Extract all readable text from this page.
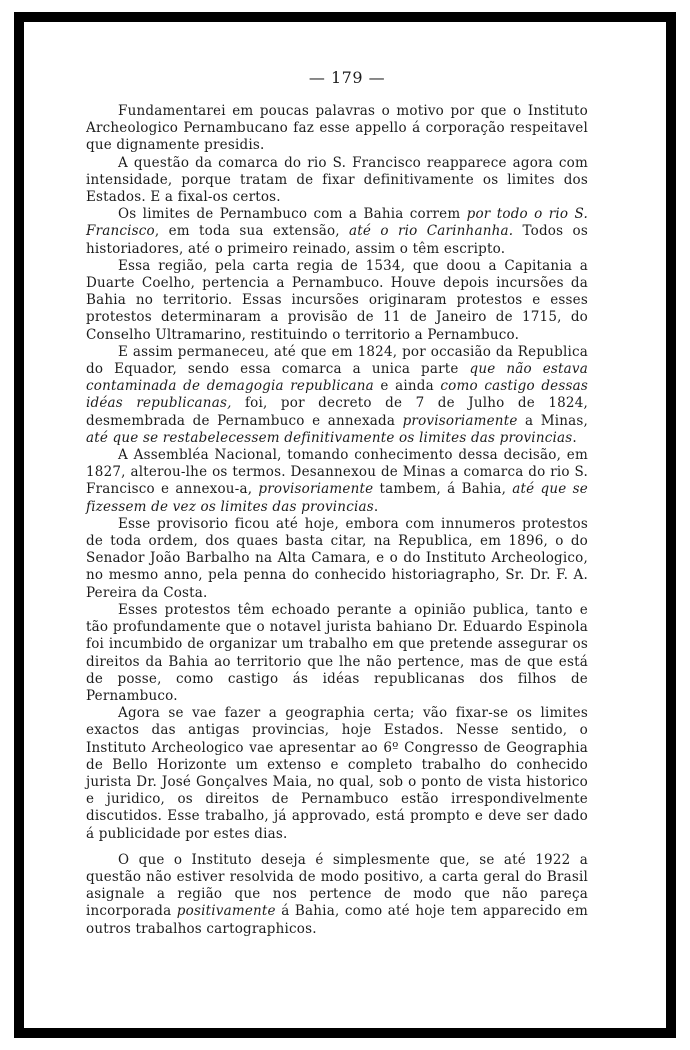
— 179 —

Fundamentarei em poucas palavras o motivo por que o Instituto Archeologico Pernambucano faz esse appello á corporação respeitavel que dignamente presidis.

A questão da comarca do rio S. Francisco reapparece agora com intensidade, porque tratam de fixar definitivamente os limites dos Estados. E a fixal-os certos.

Os limites de Pernambuco com a Bahia correm por todo o rio S. Francisco, em toda sua extensão, até o rio Carinhanha. Todos os historiadores, até o primeiro reinado, assim o têm escripto.

Essa região, pela carta regia de 1534, que doou a Capitania a Duarte Coelho, pertencia a Pernambuco. Houve depois incursões da Bahia no territorio. Essas incursões originaram protestos e esses protestos determinaram a provisão de 11 de Janeiro de 1715, do Conselho Ultramarino, restituindo o territorio a Pernambuco.

E assim permaneceu, até que em 1824, por occasião da Republica do Equador, sendo essa comarca a unica parte que não estava contaminada de demagogia republicana e ainda como castigo dessas idéas republicanas, foi, por decreto de 7 de Julho de 1824, desmembrada de Pernambuco e annexada provisoriamente a Minas, até que se restabelecessem definitivamente os limites das provincias.

A Assembléa Nacional, tomando conhecimento dessa decisão, em 1827, alterou-lhe os termos. Desannexou de Minas a comarca do rio S. Francisco e annexou-a, provisoriamente tambem, á Bahia, até que se fizessem de vez os limites das provincias.

Esse provisorio ficou até hoje, embora com innumeros protestos de toda ordem, dos quaes basta citar, na Republica, em 1896, o do Senador João Barbalho na Alta Camara, e o do Instituto Archeologico, no mesmo anno, pela penna do conhecido historiagrapho, Sr. Dr. F. A. Pereira da Costa.

Esses protestos têm echoado perante a opinião publica, tanto e tão profundamente que o notavel jurista bahiano Dr. Eduardo Espinola foi incumbido de organizar um trabalho em que pretende assegurar os direitos da Bahia ao territorio que lhe não pertence, mas de que está de posse, como castigo ás idéas republicanas dos filhos de Pernambuco.

Agora se vae fazer a geographia certa; vão fixar-se os limites exactos das antigas provincias, hoje Estados. Nesse sentido, o Instituto Archeologico vae apresentar ao 6º Congresso de Geographia de Bello Horizonte um extenso e completo trabalho do conhecido jurista Dr. José Gonçalves Maia, no qual, sob o ponto de vista historico e juridico, os direitos de Pernambuco estão irrespondivelmente discutidos. Esse trabalho, já approvado, está prompto e deve ser dado á publicidade por estes dias.

O que o Instituto deseja é simplesmente que, se até 1922 a questão não estiver resolvida de modo positivo, a carta geral do Brasil asignale a região que nos pertence de modo que não pareça incorporada positivamente á Bahia, como até hoje tem apparecido em outros trabalhos cartographicos.
